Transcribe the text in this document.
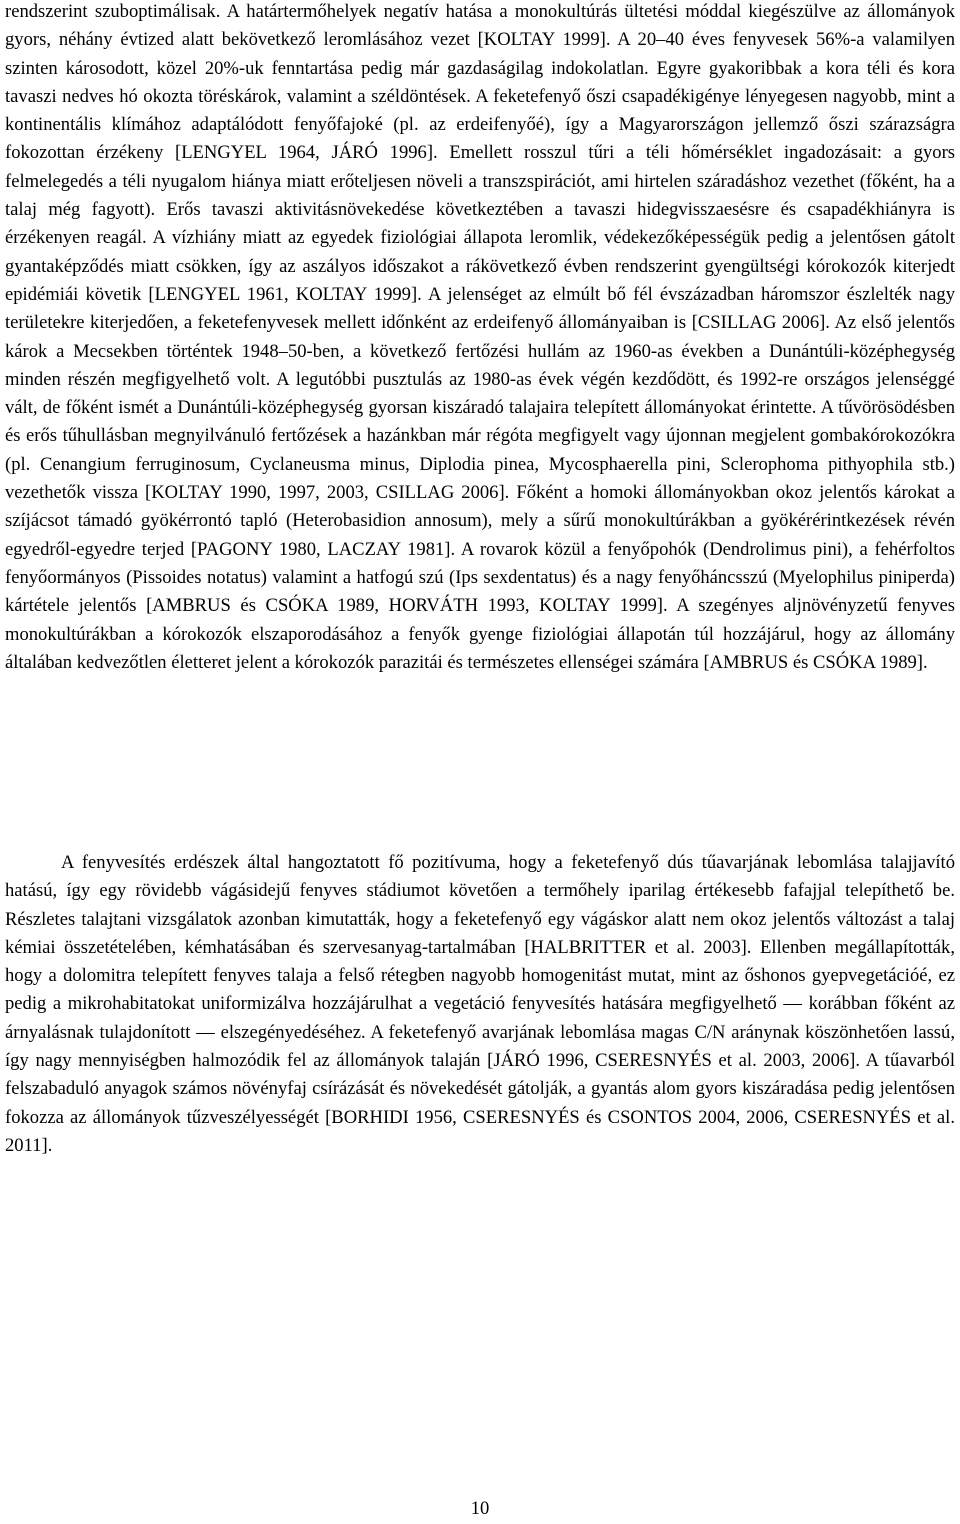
rendszerint szuboptimálisak. A határtermőhelyek negatív hatása a monokultúrás ültetési móddal kiegészülve az állományok gyors, néhány évtized alatt bekövetkező leromlásához vezet [KOLTAY 1999]. A 20–40 éves fenyvesek 56%-a valamilyen szinten károsodott, közel 20%-uk fenntartása pedig már gazdaságilag indokolatlan. Egyre gyakoribbak a kora téli és kora tavaszi nedves hó okozta töréskárok, valamint a széldöntések. A feketefenyő őszi csapadékigénye lényegesen nagyobb, mint a kontinentális klímához adaptálódott fenyőfajoké (pl. az erdeifenyőé), így a Magyarországon jellemző őszi szárazságra fokozottan érzékeny [LENGYEL 1964, JÁRÓ 1996]. Emellett rosszul tűri a téli hőmérséklet ingadozásait: a gyors felmelegedés a téli nyugalom hiánya miatt erőteljesen növeli a transzspirációt, ami hirtelen száradáshoz vezethet (főként, ha a talaj még fagyott). Erős tavaszi aktivitásnövekedése következtében a tavaszi hidegvisszaesésre és csapadékhiányra is érzékenyen reagál. A vízhiány miatt az egyedek fiziológiai állapota leromlik, védekezőképességük pedig a jelentősen gátolt gyantaképződés miatt csökken, így az aszályos időszakot a rákövetkező évben rendszerint gyengültségi kórokozók kiterjedt epidémiái követik [LENGYEL 1961, KOLTAY 1999]. A jelenséget az elmúlt bő fél évszázadban háromszor észlelték nagy területekre kiterjedően, a feketefenyvesek mellett időnként az erdeifenyő állományaiban is [CSILLAG 2006]. Az első jelentős károk a Mecsekben történtek 1948–50-ben, a következő fertőzési hullám az 1960-as években a Dunántúli-középhegység minden részén megfigyelhető volt. A legutóbbi pusztulás az 1980-as évek végén kezdődött, és 1992-re országos jelenséggé vált, de főként ismét a Dunántúli-középhegység gyorsan kiszáradó talajaira telepített állományokat érintette. A tűvörösödésben és erős tűhullásban megnyilvánuló fertőzések a hazánkban már régóta megfigyelt vagy újonnan megjelent gombakórokozókra (pl. Cenangium ferruginosum, Cyclaneusma minus, Diplodia pinea, Mycosphaerella pini, Sclerophoma pithyophila stb.) vezethetők vissza [KOLTAY 1990, 1997, 2003, CSILLAG 2006]. Főként a homoki állományokban okoz jelentős károkat a szíjácsot támadó gyökérrontó tapló (Heterobasidion annosum), mely a sűrű monokultúrákban a gyökérérintkezések révén egyedről-egyedre terjed [PAGONY 1980, LACZAY 1981]. A rovarok közül a fenyőpohók (Dendrolimus pini), a fehérfoltos fenyőormányos (Pissoides notatus) valamint a hatfogú szú (Ips sexdentatus) és a nagy fenyőháncsszú (Myelophilus piniperda) kártétele jelentős [AMBRUS és CSÓKA 1989, HORVÁTH 1993, KOLTAY 1999]. A szegényes aljnövényzetű fenyves monokultúrákban a kórokozók elszaporodásához a fenyők gyenge fiziológiai állapotán túl hozzájárul, hogy az állomány általában kedvezőtlen életteret jelent a kórokozók parazitái és természetes ellenségei számára [AMBRUS és CSÓKA 1989].

A fenyvesítés erdészek által hangoztatott fő pozitívuma, hogy a feketefenyő dús tűavarjának lebomlása talajjavító hatású, így egy rövidebb vágásidejű fenyves stádiumot követően a termőhely iparilag értékesebb fafajjal telepíthető be. Részletes talajtani vizsgálatok azonban kimutatták, hogy a feketefenyő egy vágáskor alatt nem okoz jelentős változást a talaj kémiai összetételében, kémhatásában és szervesanyag-tartalmában [HALBRITTER et al. 2003]. Ellenben megállapították, hogy a dolomitra telepített fenyves talaja a felső rétegben nagyobb homogenitást mutat, mint az őshonos gyepvegetációé, ez pedig a mikrohabitatokat uniformizálva hozzájárulhat a vegetáció fenyvesítés hatására megfigyelhető — korábban főként az árnyalásnak tulajdonított — elszegényedéséhez. A feketefenyő avarjának lebomlása magas C/N aránynak köszönhetően lassú, így nagy mennyiségben halmozódik fel az állományok talaján [JÁRÓ 1996, CSERESNYÉS et al. 2003, 2006]. A tűavarból felszabaduló anyagok számos növényfaj csírázását és növekedését gátolják, a gyantás alom gyors kiszáradása pedig jelentősen fokozza az állományok tűzveszélyességét [BORHIDI 1956, CSERESNYÉS és CSONTOS 2004, 2006, CSERESNYÉS et al. 2011].

10
